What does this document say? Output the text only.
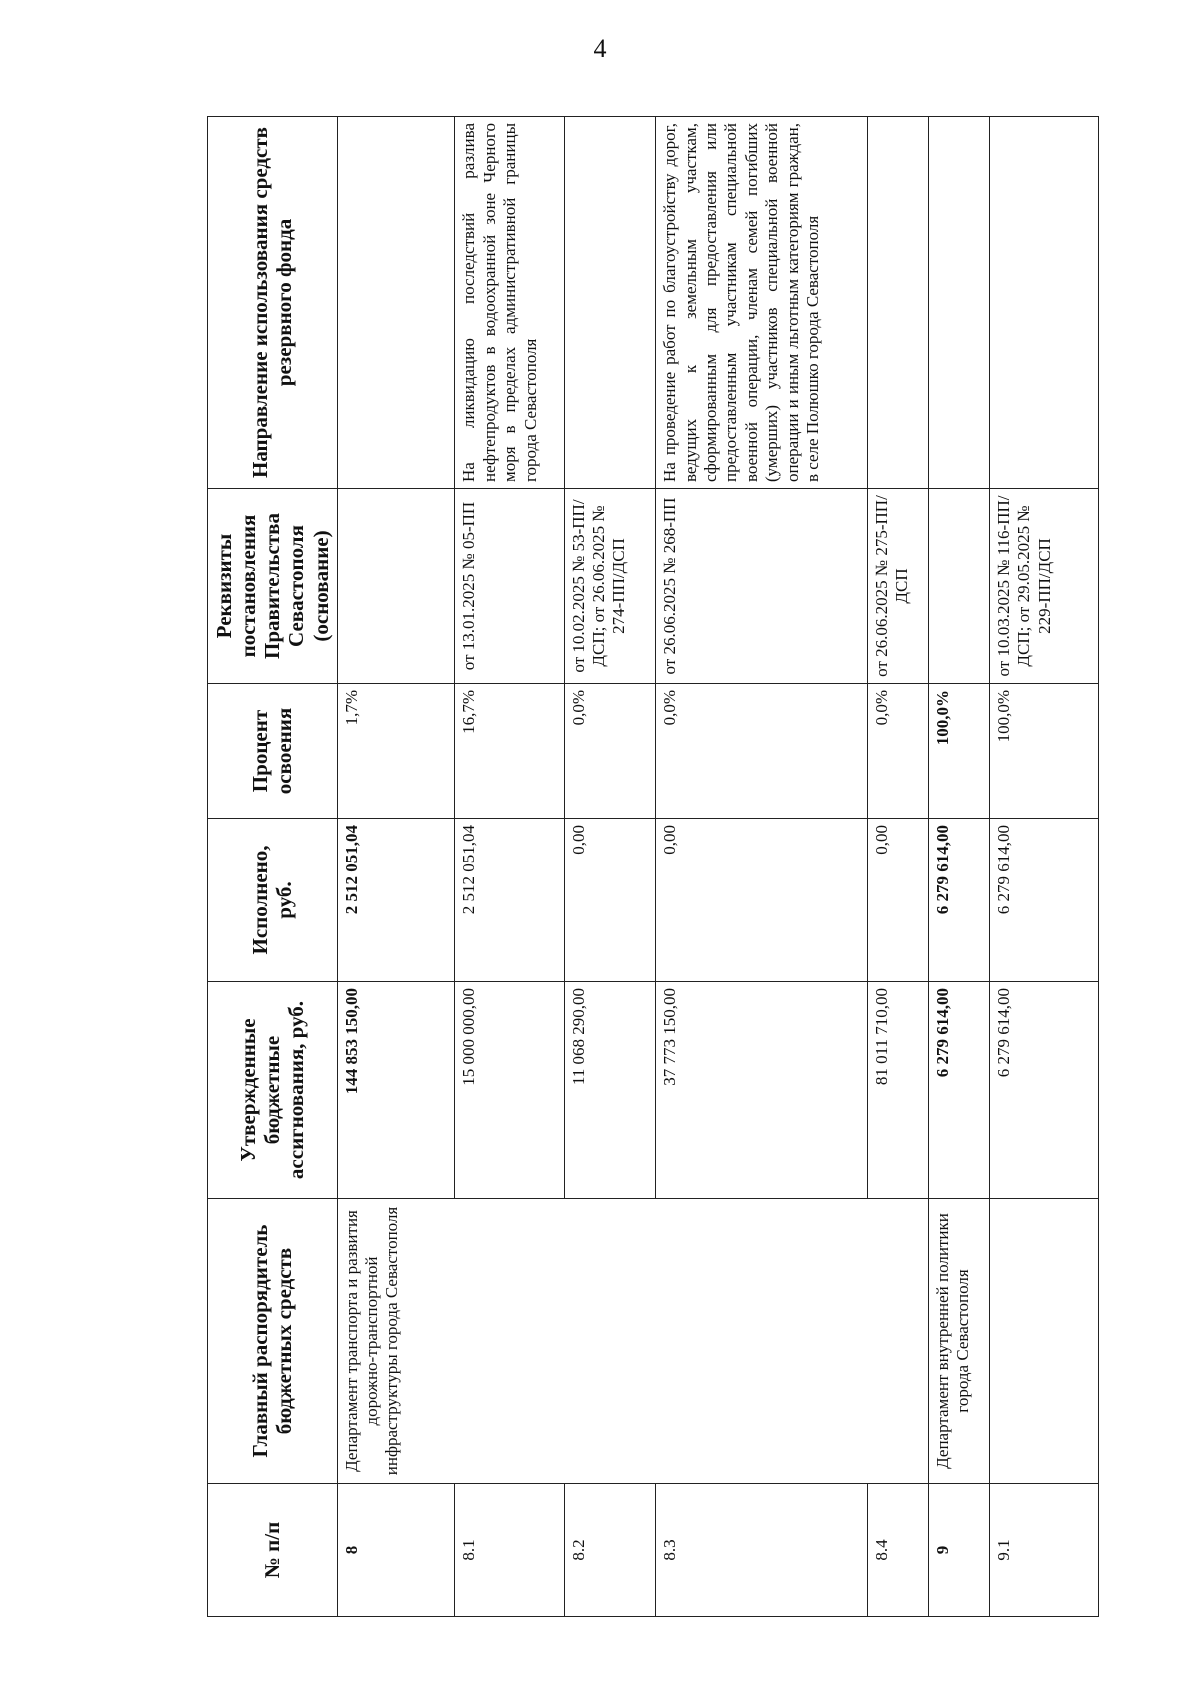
4
№ п/п	Главный распорядитель бюджетных средств	Утвержденные бюджетные ассигнования, руб.	Исполнено, руб.	Процент освоения	Реквизиты постановления Правительства Севастополя (основание)	Направление использования средств резервного фонда
8	Департамент транспорта и развития дорожно-транспортной инфраструктуры города Севастополя	144 853 150,00	2 512 051,04	1,7%		
8.1		15 000 000,00	2 512 051,04	16,7%	от 13.01.2025 № 05-ПП	На ликвидацию последствий разлива нефтепродуктов в водоохранной зоне Черного моря в пределах административной границы города Севастополя
8.2		11 068 290,00	0,00	0,0%	от 10.02.2025 № 53-ПП/ДСП; от 26.06.2025 № 274-ПП/ДСП	
8.3		37 773 150,00	0,00	0,0%	от 26.06.2025 № 268-ПП	На проведение работ по благоустройству дорог, ведущих к земельным участкам, сформированным для предоставления или предоставленным участникам специальной военной операции, членам семей погибших (умерших) участников специальной военной операции и иным льготным категориям граждан, в селе Полюшко города Севастополя
8.4		81 011 710,00	0,00	0,0%	от 26.06.2025 № 275-ПП/ДСП	
9	Департамент внутренней политики города Севастополя	6 279 614,00	6 279 614,00	100,0%		
9.1		6 279 614,00	6 279 614,00	100,0%	от 10.03.2025 № 116-ПП/ДСП; от 29.05.2025 № 229-ПП/ДСП	
